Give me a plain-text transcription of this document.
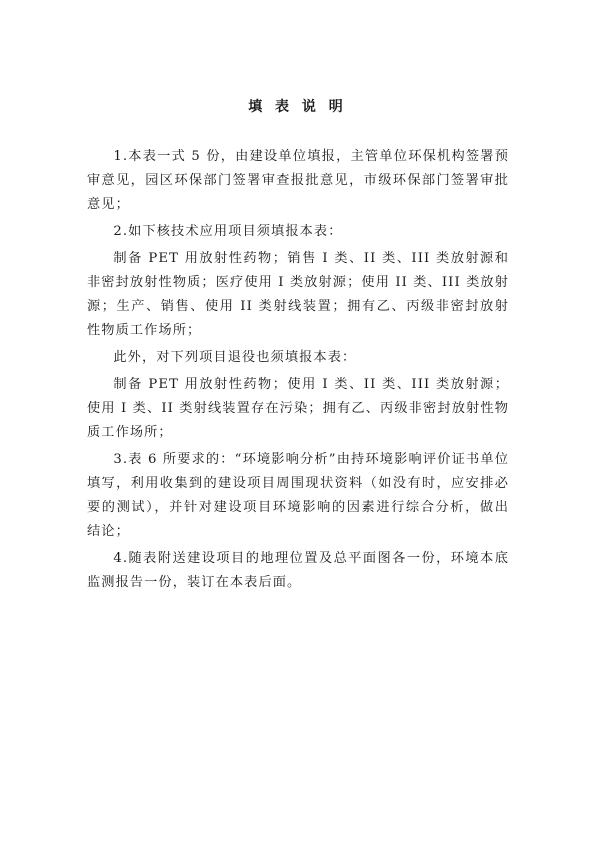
填 表 说 明

1.本表一式 5 份，由建设单位填报，主管单位环保机构签署预审意见，园区环保部门签署审查报批意见，市级环保部门签署审批意见；

2.如下核技术应用项目须填报本表：

制备 PET 用放射性药物；销售 I 类、II 类、III 类放射源和非密封放射性物质；医疗使用 I 类放射源；使用 II 类、III 类放射源；生产、销售、使用 II 类射线装置；拥有乙、丙级非密封放射性物质工作场所；

此外，对下列项目退役也须填报本表：

制备 PET 用放射性药物；使用 I 类、II 类、III 类放射源；使用 I 类、II 类射线装置存在污染；拥有乙、丙级非密封放射性物质工作场所；

3.表 6 所要求的：“环境影响分析”由持环境影响评价证书单位填写，利用收集到的建设项目周围现状资料（如没有时，应安排必要的测试），并针对建设项目环境影响的因素进行综合分析，做出结论；

4.随表附送建设项目的地理位置及总平面图各一份，环境本底监测报告一份，装订在本表后面。
